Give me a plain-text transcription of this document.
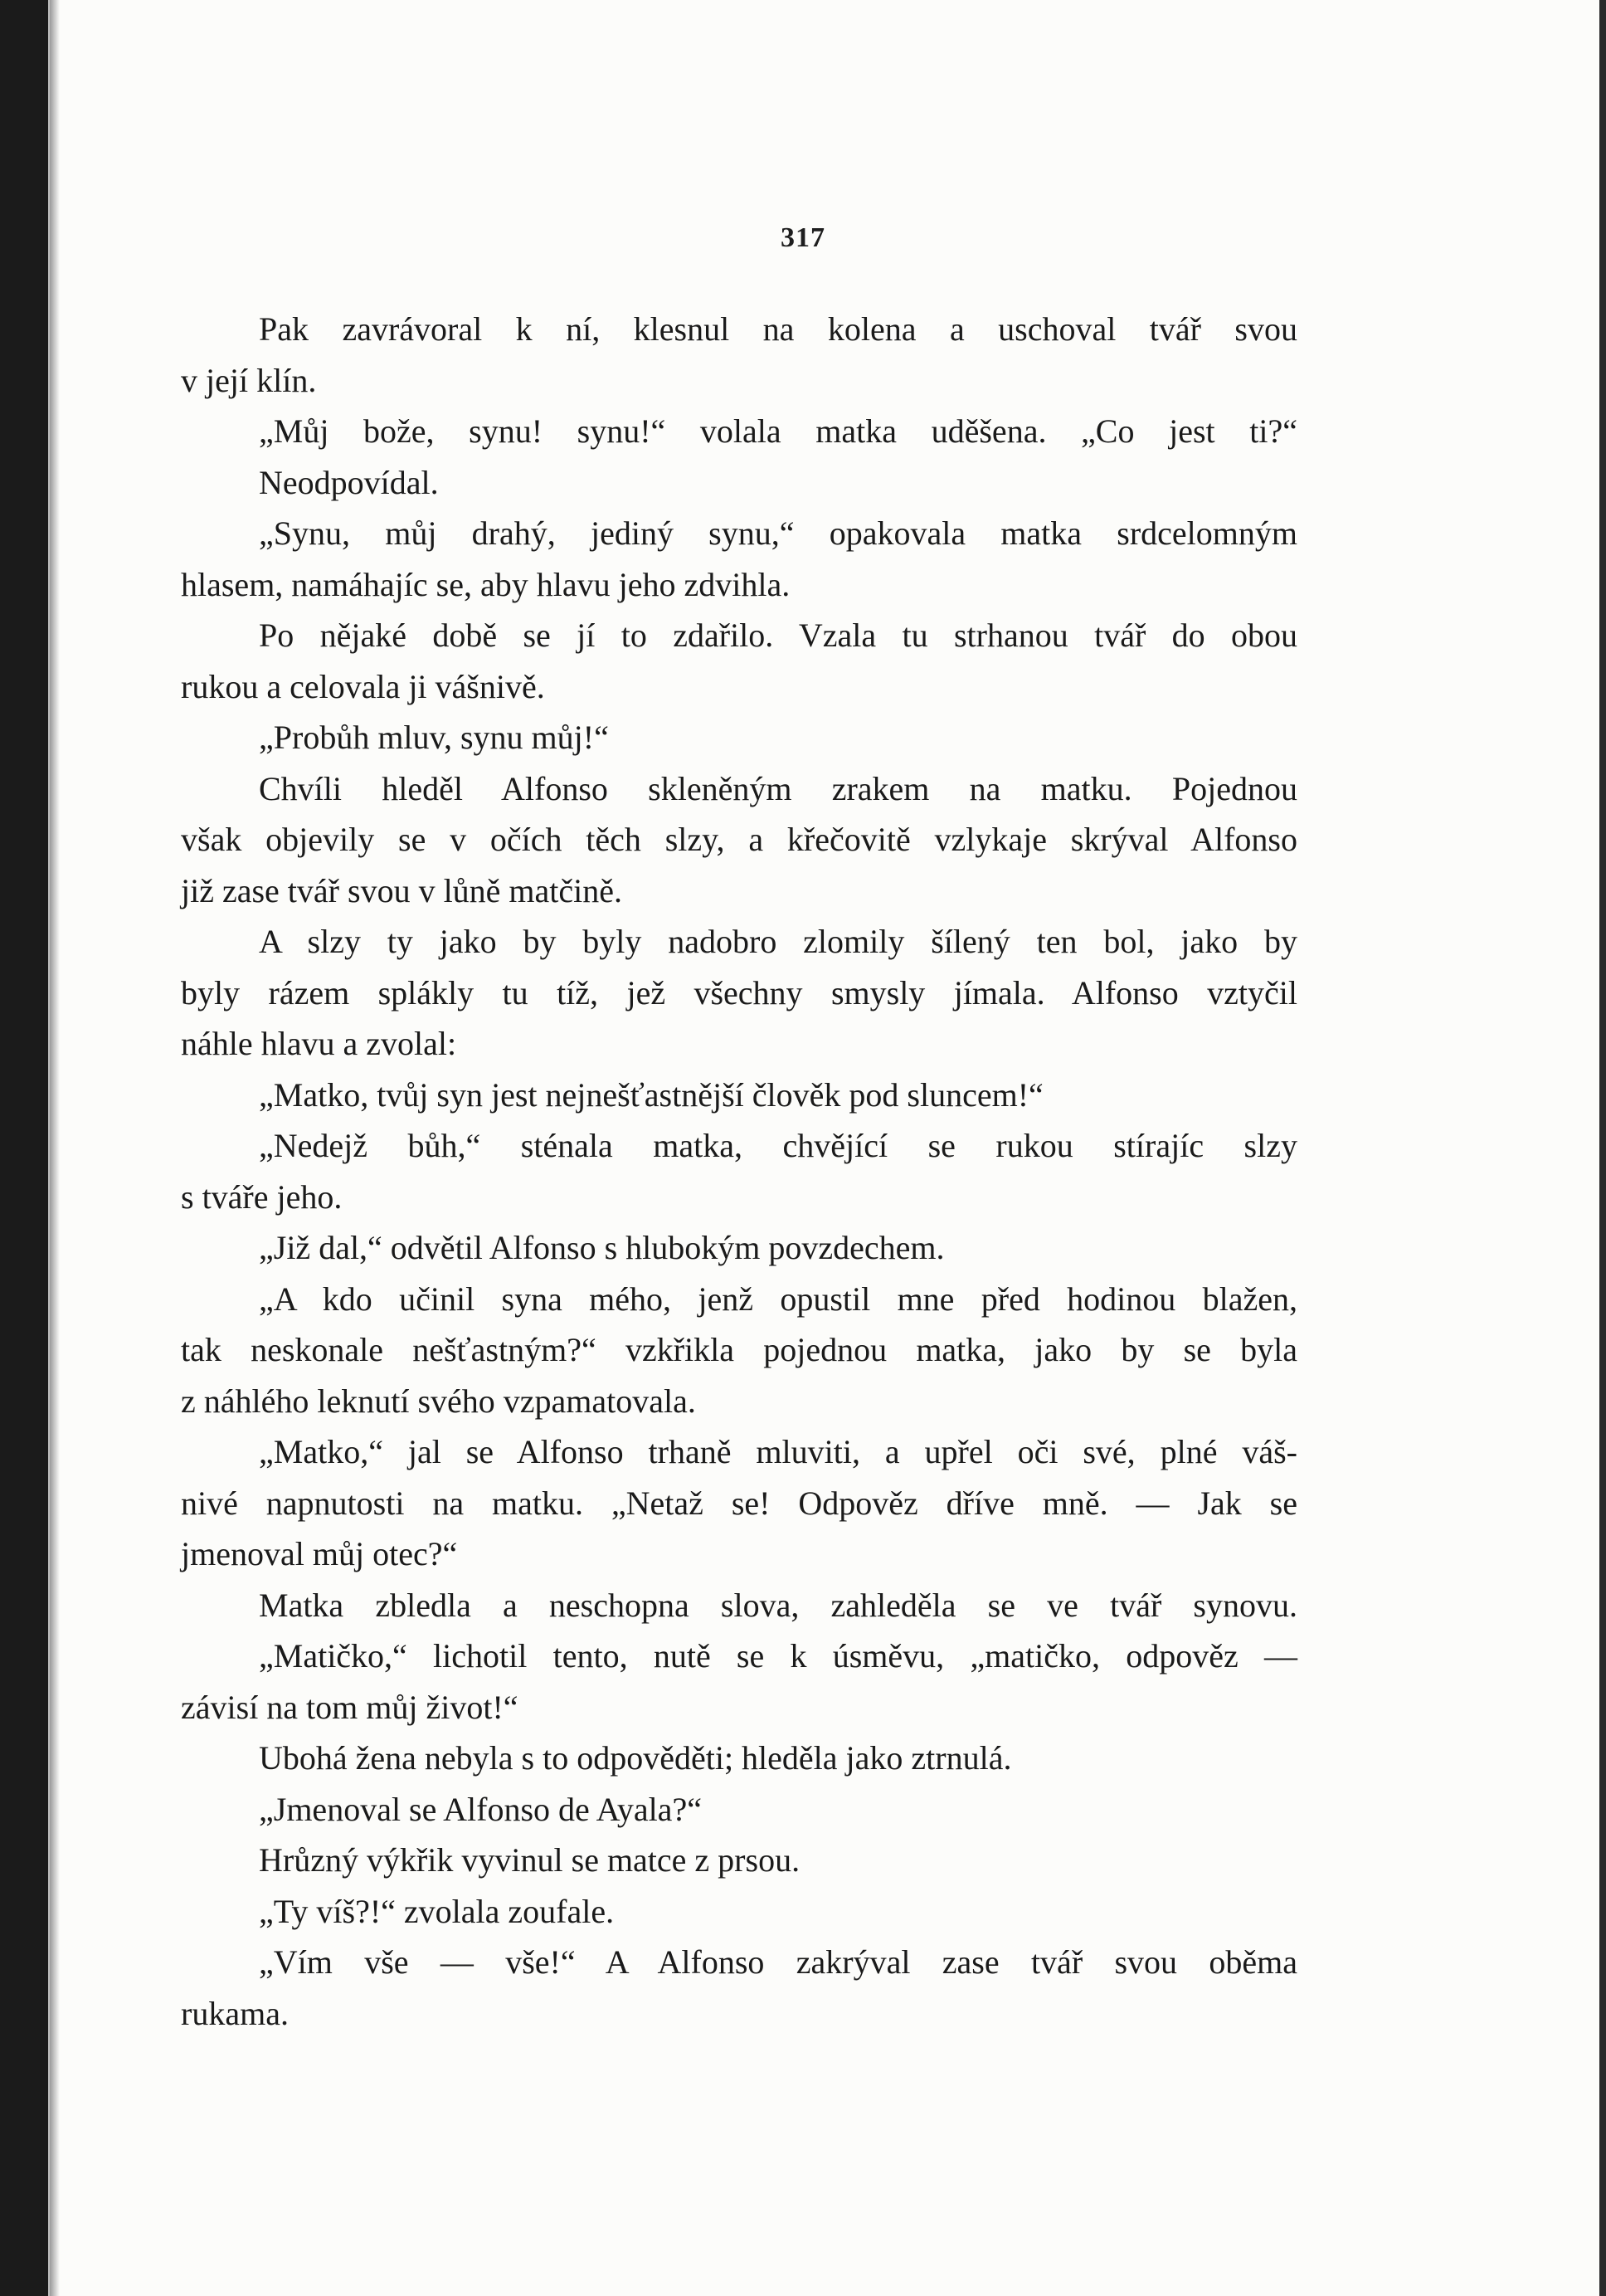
317
Pak zavrávoral k ní, klesnul na kolena a uschoval tvář svou
v její klín.
„Můj bože, synu! synu!“ volala matka uděšena. „Co jest ti?“
Neodpovídal.
„Synu, můj drahý, jediný synu,“ opakovala matka srdcelomným
hlasem, namáhajíc se, aby hlavu jeho zdvihla.
Po nějaké době se jí to zdařilo. Vzala tu strhanou tvář do obou
rukou a celovala ji vášnivě.
„Probůh mluv, synu můj!“
Chvíli hleděl Alfonso skleněným zrakem na matku. Pojednou
však objevily se v očích těch slzy, a křečovitě vzlykaje skrýval Alfonso
již zase tvář svou v lůně matčině.
A slzy ty jako by byly nadobro zlomily šílený ten bol, jako by
byly rázem splákly tu tíž, jež všechny smysly jímala. Alfonso vztyčil
náhle hlavu a zvolal:
„Matko, tvůj syn jest nejnešťastnější člověk pod sluncem!“
„Nedejž bůh,“ sténala matka, chvějící se rukou stírajíc slzy
s tváře jeho.
„Již dal,“ odvětil Alfonso s hlubokým povzdechem.
„A kdo učinil syna mého, jenž opustil mne před hodinou blažen,
tak neskonale nešťastným?“ vzkřikla pojednou matka, jako by se byla
z náhlého leknutí svého vzpamatovala.
„Matko,“ jal se Alfonso trhaně mluviti, a upřel oči své, plné váš-
nivé napnutosti na matku. „Netaž se! Odpověz dříve mně. — Jak se
jmenoval můj otec?“
Matka zbledla a neschopna slova, zahleděla se ve tvář synovu.
„Matičko,“ lichotil tento, nutě se k úsměvu, „matičko, odpověz —
závisí na tom můj život!“
Ubohá žena nebyla s to odpověděti; hleděla jako ztrnulá.
„Jmenoval se Alfonso de Ayala?“
Hrůzný výkřik vyvinul se matce z prsou.
„Ty víš?!“ zvolala zoufale.
„Vím vše — vše!“ A Alfonso zakrýval zase tvář svou oběma
rukama.
